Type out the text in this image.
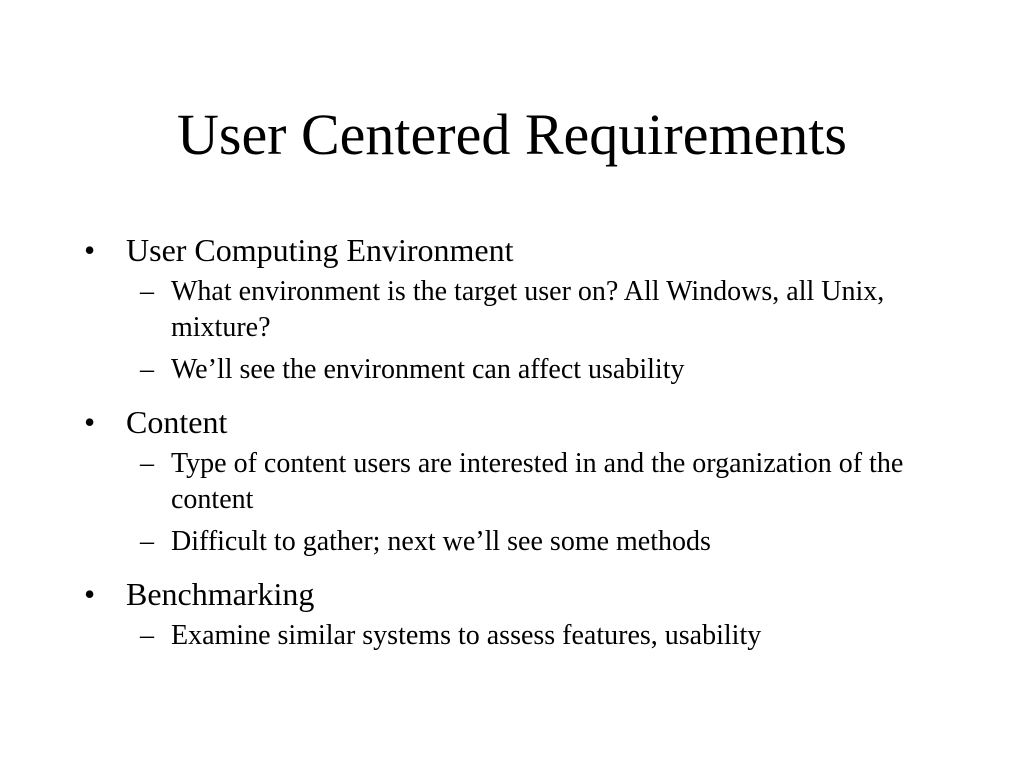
User Centered Requirements
• User Computing Environment
– What environment is the target user on? All Windows, all Unix, mixture?
– We’ll see the environment can affect usability
• Content
– Type of content users are interested in and the organization of the content
– Difficult to gather; next we’ll see some methods
• Benchmarking
– Examine similar systems to assess features, usability
